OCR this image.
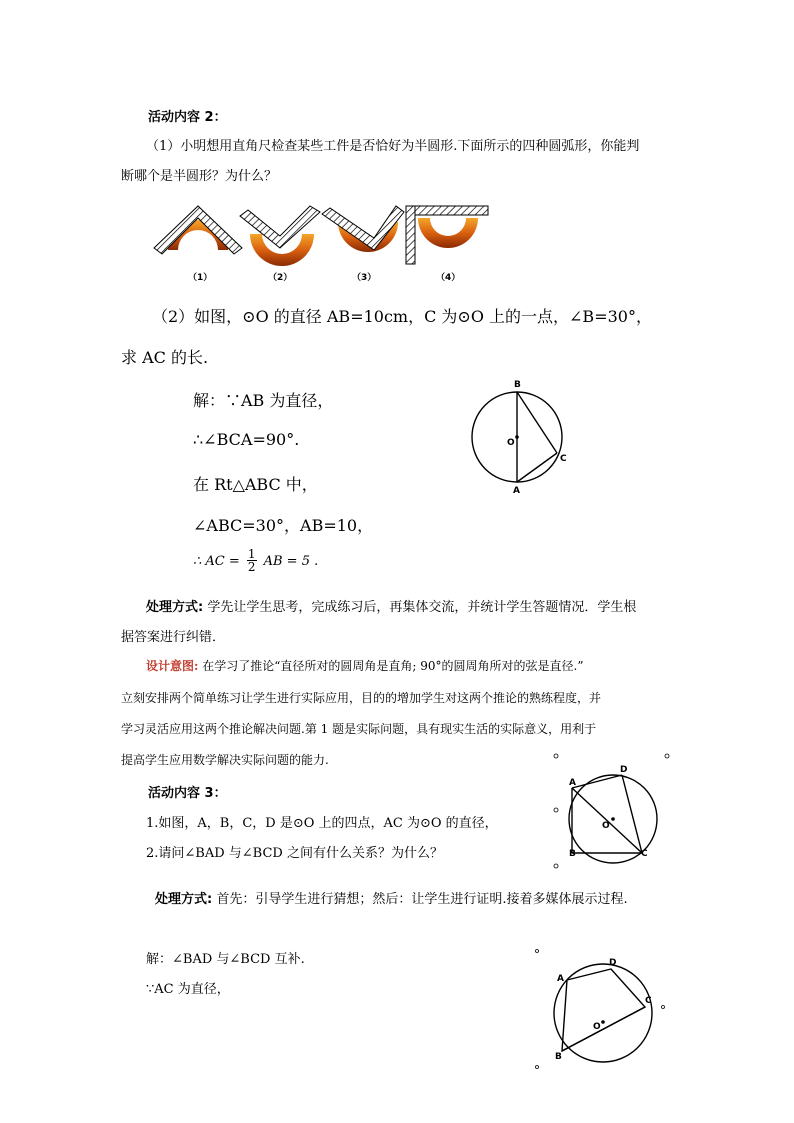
活动内容 2：
（1）小明想用直角尺检查某些工件是否恰好为半圆形.下面所示的四种圆弧形，你能判
断哪个是半圆形？为什么？
（1）	（2）	（3）	（4）
（2）如图，⊙O 的直径 AB=10cm，C 为⊙O 上的一点，∠B=30°，
求 AC 的长.
解：∵AB 为直径，
∴∠BCA=90°.
在 Rt△ABC 中，
∠ABC=30°，AB=10，
∴ AC = $\frac{1}{2}$ AB = 5 .
B
O
C
A
处理方式: 学先让学生思考，完成练习后，再集体交流，并统计学生答题情况．学生根
据答案进行纠错．
设计意图: 在学习了推论“直径所对的圆周角是直角; 90°的圆周角所对的弦是直径.”
立刻安排两个简单练习让学生进行实际应用，目的的增加学生对这两个推论的熟练程度，并
学习灵活应用这两个推论解决问题.第 1 题是实际问题，具有现实生活的实际意义，用利于
提高学生应用数学解决实际问题的能力.
活动内容 3：
1.如图，A，B，C，D 是⊙O 上的四点，AC 为⊙O 的直径，
2.请问∠BAD 与∠BCD 之间有什么关系？为什么？
A
D
O
B	C
处理方式: 首先：引导学生进行猜想；然后：让学生进行证明.接着多媒体展示过程.
解：∠BAD 与∠BCD 互补.
∵AC 为直径，
A
D
C
O
B
